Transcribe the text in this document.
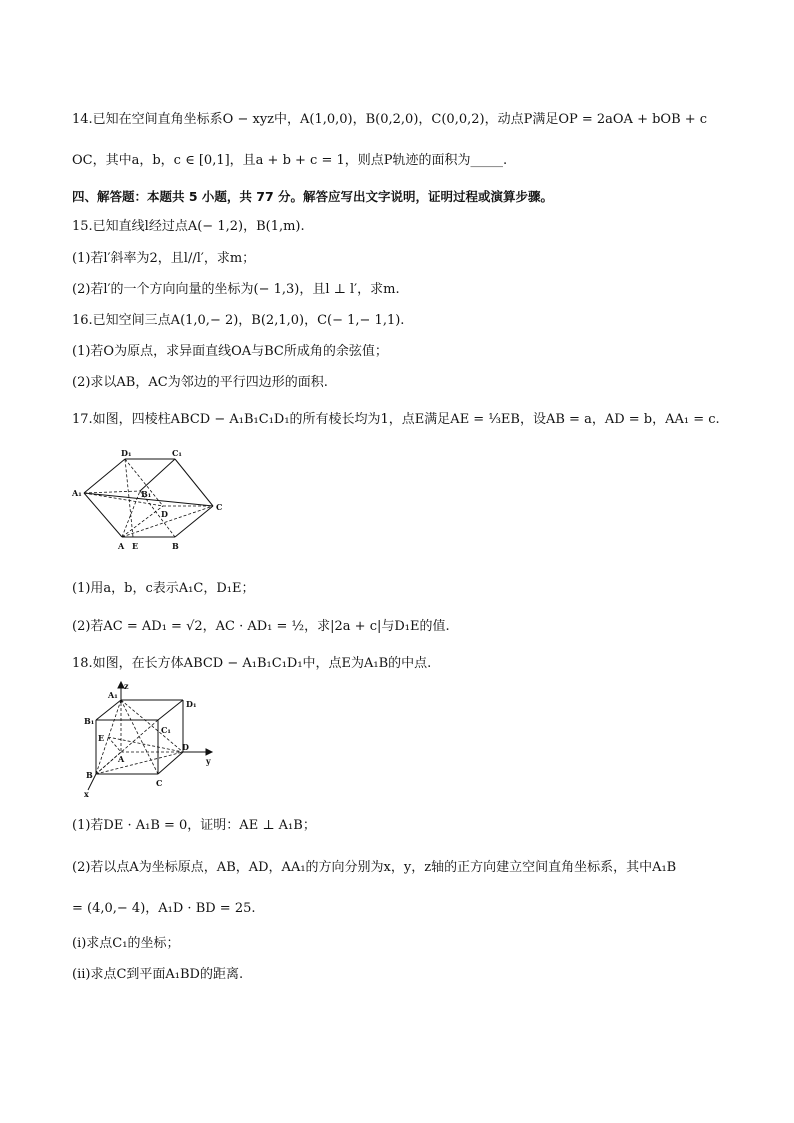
14.已知在空间直角坐标系O − xyz中，A(1,0,0)，B(0,2,0)，C(0,0,2)，动点P满足OP = 2aOA + bOB + c
OC，其中a，b，c ∈ [0,1]，且a + b + c = 1，则点P轨迹的面积为_____.
四、解答题：本题共 5 小题，共 77 分。解答应写出文字说明，证明过程或演算步骤。
15.已知直线l经过点A(− 1,2)，B(1,m).
(1)若l′斜率为2，且l//l′，求m；
(2)若l′的一个方向向量的坐标为(− 1,3)，且l ⊥ l′，求m.
16.已知空间三点A(1,0,− 2)，B(2,1,0)，C(− 1,− 1,1).
(1)若O为原点，求异面直线OA与BC所成角的余弦值；
(2)求以AB，AC为邻边的平行四边形的面积.
17.如图，四棱柱ABCD − A₁B₁C₁D₁的所有棱长均为1，点E满足AE = ⅓EB，设AB = a，AD = b，AA₁ = c.
D₁	C₁
A₁	B₁
D
C
A E	B
(1)用a，b，c表示A₁C，D₁E；
(2)若AC = AD₁ = √2，AC · AD₁ = ½，求|2a + c|与D₁E的值.
18.如图，在长方体ABCD − A₁B₁C₁D₁中，点E为A₁B的中点.
z
A₁
D₁
B₁
C₁
E
A
D
y
B
C
x
(1)若DE · A₁B = 0，证明：AE ⊥ A₁B；
(2)若以点A为坐标原点，AB，AD，AA₁的方向分别为x，y，z轴的正方向建立空间直角坐标系，其中A₁B
= (4,0,− 4)，A₁D · BD = 25.
(ⅰ)求点C₁的坐标；
(ⅱ)求点C到平面A₁BD的距离.
